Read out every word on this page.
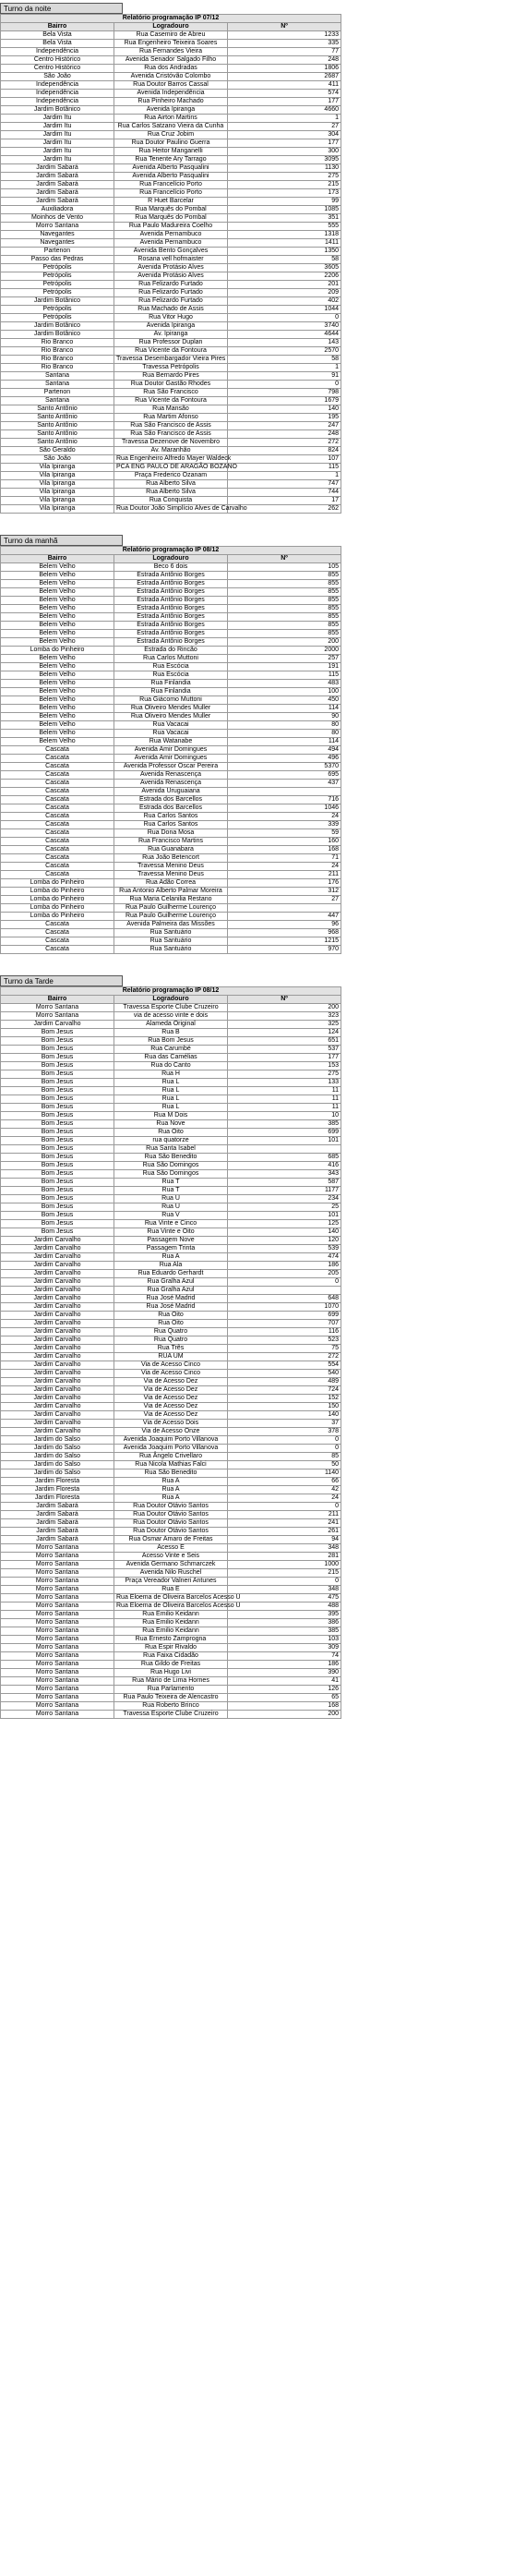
Turno da noite
Relatório programação IP 07/12		
Bairro	Logradouro	Nº
Bela Vista	Rua Casemiro de Abreu	1233
Bela Vista	Rua Engenheiro Teixeira Soares	335
Independência	Rua Fernandes Vieira	77
Centro Histórico	Avenida Senador Salgado Filho	248
Centro Histórico	Rua dos Andradas	1806
São João	Avenida Cristóvão Colombo	2687
Independência	Rua Doutor Barros Cassal	411
Independência	Avenida Independência	574
Independência	Rua Pinheiro Machado	177
Jardim Botânico	Avenida Ipiranga	4660
Jardim Itu	Rua Airton Martins	1
Jardim Itu	Rua Carlos Satzano Vieira da Cunha	27
Jardim Itu	Rua Cruz Jobim	304
Jardim Itu	Rua Doutor Paulino Guerra	177
Jardim Itu	Rua Heitor Manganelli	300
Jardim Itu	Rua Tenente Ary Tarrago	3095
Jardim Sabará	Avenida Alberto Pasqualini	1130
Jardim Sabará	Avenida Alberto Pasqualini	275
Jardim Sabará	Rua Francelício Porto	215
Jardim Sabará	Rua Francelício Porto	173
Jardim Sabará	R Huet Barcelar	99
Auxiliadora	Rua Marquês do Pombal	1085
Moinhos de Vento	Rua Marquês do Pombal	351
Morro Santana	Rua Paulo Madureira Coelho	555
Navegantes	Avenida Pernambuco	1318
Navegantes	Avenida Pernambuco	1411
Partenon	Avenida Bento Gonçalves	1350
Passo das Pedras	Rosana vell hofmaister	58
Petrópolis	Avenida Protásio Alves	3605
Petrópolis	Avenida Protásio Alves	2206
Petrópolis	Rua Felizardo Furtado	201
Petrópolis	Rua Felizardo Furtado	209
Jardim Botânico	Rua Felizardo Furtado	402
Petrópolis	Rua Machado de Assis	1044
Petrópolis	Rua Vitor Hugo	0
Jardim Botânico	Avenida Ipiranga	3740
Jardim Botânico	Av. Ipiranga	4644
Rio Branco	Rua Professor Duplan	143
Rio Branco	Rua Vicente da Fontoura	2570
Rio Branco	Travessa Desembargador Vieira Pires	58
Rio Branco	Travessa Petrópolis	1
Santana	Rua Bernardo Pires	91
Santana	Rua Doutor Gastão Rhodes	0
Partenon	Rua São Francisco	798
Santana	Rua Vicente da Fontoura	1679
Santo Antônio	Rua Mansão	140
Santo Antônio	Rua Martim Afonso	195
Santo Antônio	Rua São Francisco de Assis	247
Santo Antônio	Rua São Francisco de Assis	248
Santo Antônio	Travessa Dezenove de Novembro	272
São Geraldo	Av. Maranhão	824
São João	Rua Engenheiro Alfredo Mayer Waldeck	107
Vila Ipiranga	PCA ENG PAULO DE ARAGÃO BOZANO	115
Vila Ipiranga	Praça Frederico Ozanam	1
Vila Ipiranga	Rua Alberto Silva	747
Vila Ipiranga	Rua Alberto Silva	744
Vila Ipiranga	Rua Conquista	17
Vila Ipiranga	Rua Doutor João Simplício Alves de Carvalho	262
Turno da manhã
Relatório programação IP 08/12		
Bairro	Logradouro	Nº
Belem Velho	Beco 6 dois	105
Belem Velho	Estrada Antônio Borges	855
Belem Velho	Estrada Antônio Borges	855
Belem Velho	Estrada Antônio Borges	855
Belem Velho	Estrada Antônio Borges	855
Belem Velho	Estrada Antônio Borges	855
Belem Velho	Estrada Antônio Borges	855
Belem Velho	Estrada Antônio Borges	855
Belem Velho	Estrada Antônio Borges	855
Belem Velho	Estrada Antônio Borges	200
Lomba do Pinheiro	Estrada do Rincão	2000
Belem Velho	Rua Carlos Muttoni	257
Belem Velho	Rua Escócia	191
Belem Velho	Rua Escócia	115
Belem Velho	Rua Finlandia	483
Belem Velho	Rua Finlandia	100
Belem Velho	Rua Giácomo Muttoni	450
Belem Velho	Rua Oliveiro Mendes Muller	114
Belem Velho	Rua Oliveiro Mendes Muller	90
Belem Velho	Rua Vacacai	80
Belem Velho	Rua Vacacai	80
Belem Velho	Rua Watanabe	114
Cascata	Avenida Amir Domingues	494
Cascata	Avenida Amir Domingues	496
Cascata	Avenida Professor Oscar Pereira	5370
Cascata	Avenida Renascença	695
Cascata	Avenida Renascença	437
Cascata	Avenida Uruguaiana	
Cascata	Estrada dos Barcellos	716
Cascata	Estrada dos Barcellos	1046
Cascata	Rua Carlos Santos	24
Cascata	Rua Carlos Santos	339
Cascata	Rua Dona Mosa	59
Cascata	Rua Francisco Martins	160
Cascata	Rua Guanabara	168
Cascata	Rua João Betencort	71
Cascata	Travessa Menino Deus	24
Cascata	Travessa Menino Deus	211
Lomba do Pinheiro	Rua Adão Correa	176
Lomba do Pinheiro	Rua Antonio Alberto Palmar Moreira	312
Lomba do Pinheiro	Rua Maria Celanilia Restano	27
Lomba do Pinheiro	Rua Paulo Guilherme Lourenço	
Lomba do Pinheiro	Rua Paulo Guilherme Lourenço	447
Cascata	Avenida Palmeira das Missões	96
Cascata	Rua Santuário	968
Cascata	Rua Santuário	1215
Cascata	Rua Santuário	970
Turno da Tarde
Relatório programação IP 08/12		
Bairro	Logradouro	Nº
Morro Santana	Travessa Esporte Clube Cruzeiro	200
Morro Santana	via de acesso vinte e dois	323
Jardim Carvalho	Alameda Original	325
Bom Jesus	Rua B	124
Bom Jesus	Rua Bom Jesus	651
Bom Jesus	Rua Carumbé	537
Bom Jesus	Rua das Camélias	177
Bom Jesus	Rua do Canto	153
Bom Jesus	Rua H	275
Bom Jesus	Rua L	133
Bom Jesus	Rua L	11
Bom Jesus	Rua L	11
Bom Jesus	Rua L	11
Bom Jesus	Rua M Dois	10
Bom Jesus	Rua Nove	385
Bom Jesus	Rua Oito	699
Bom Jesus	rua quatorze	101
Bom Jesus	Rua Santa Isabel	
Bom Jesus	Rua São Benedito	685
Bom Jesus	Rua São Domingos	416
Bom Jesus	Rua São Domingos	343
Bom Jesus	Rua T	587
Bom Jesus	Rua T	1177
Bom Jesus	Rua U	234
Bom Jesus	Rua U	25
Bom Jesus	Rua V	101
Bom Jesus	Rua Vinte e Cinco	125
Bom Jesus	Rua Vinte e Oito	140
Jardim Carvalho	Passagem Nove	120
Jardim Carvalho	Passagem Trinta	539
Jardim Carvalho	Rua A	474
Jardim Carvalho	Rua Ala	186
Jardim Carvalho	Rua Eduardo Gerhardt	205
Jardim Carvalho	Rua Gralha Azul	0
Jardim Carvalho	Rua Gralha Azul	
Jardim Carvalho	Rua José Madrid	648
Jardim Carvalho	Rua José Madrid	1070
Jardim Carvalho	Rua Oito	699
Jardim Carvalho	Rua Oito	707
Jardim Carvalho	Rua Quatro	116
Jardim Carvalho	Rua Quatro	523
Jardim Carvalho	Rua Três	75
Jardim Carvalho	RUA UM	272
Jardim Carvalho	Via de Acesso Cinco	554
Jardim Carvalho	Via de Acesso Cinco	540
Jardim Carvalho	Via de Acesso Dez	489
Jardim Carvalho	Via de Acesso Dez	724
Jardim Carvalho	Via de Acesso Dez	152
Jardim Carvalho	Via de Acesso Dez	150
Jardim Carvalho	Via de Acesso Dez	140
Jardim Carvalho	Via de Acesso Dois	37
Jardim Carvalho	Via de Acesso Onze	378
Jardim do Salso	Avenida Joaquim Porto Villanova	0
Jardim do Salso	Avenida Joaquim Porto Villanova	0
Jardim do Salso	Rua Ângelo Crivellaro	85
Jardim do Salso	Rua Nicola Mathias Falci	50
Jardim do Salso	Rua São Benedito	1140
Jardim Floresta	Rua A	66
Jardim Floresta	Rua A	42
Jardim Floresta	Rua A	24
Jardim Sabará	Rua Doutor Otávio Santos	0
Jardim Sabará	Rua Doutor Otávio Santos	211
Jardim Sabará	Rua Doutor Otávio Santos	241
Jardim Sabará	Rua Doutor Otávio Santos	261
Jardim Sabará	Rua Osmar Amaro de Freitas	94
Morro Santana	Acesso E	348
Morro Santana	Acesso Vinte e Seis	281
Morro Santana	Avenida Germano Schmarczek	1000
Morro Santana	Avenida Nilo Ruschel	215
Morro Santana	Praça Vereador Valneri Antunes	0
Morro Santana	Rua E	348
Morro Santana	Rua Eloema de Oliveira Barcelos Acesso U	475
Morro Santana	Rua Eloema de Oliveira Barcelos Acesso U	488
Morro Santana	Rua Emilio Keidann	395
Morro Santana	Rua Emilio Keidann	386
Morro Santana	Rua Emilio Keidann	385
Morro Santana	Rua Ernesto Zamprogna	103
Morro Santana	Rua Espir Rivaldo	309
Morro Santana	Rua Faixa Cidadão	74
Morro Santana	Rua Gildo de Freitas	186
Morro Santana	Rua Hugo Livi	390
Morro Santana	Rua Mário de Lima Hornes	41
Morro Santana	Rua Parlamento	126
Morro Santana	Rua Paulo Teixeira de Alencastro	65
Morro Santana	Rua Roberto Brinco	168
Morro Santana	Travessa Esporte Clube Cruzeiro	200
